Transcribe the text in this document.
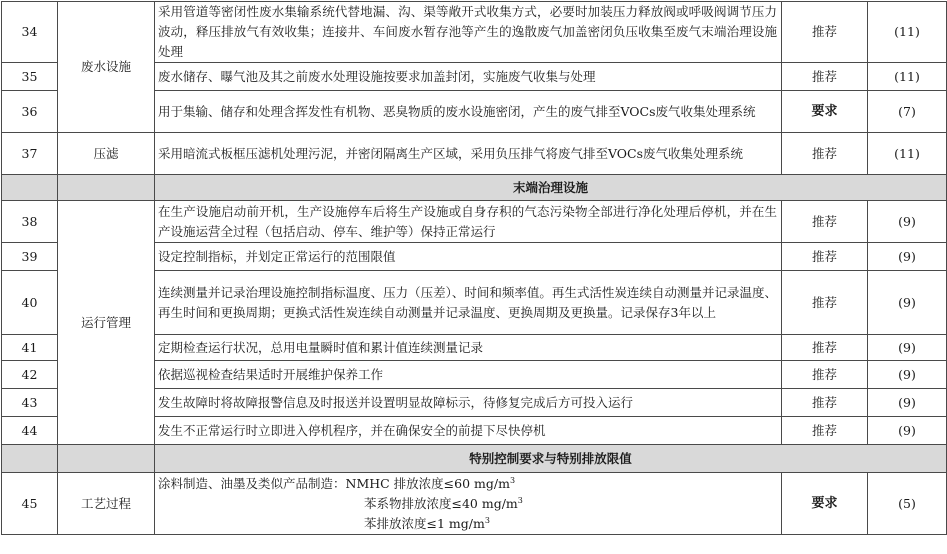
34	废水设施	采用管道等密闭性废水集输系统代替地漏、沟、渠等敞开式收集方式，必要时加装压力释放阀或呼吸阀调节压力波动，释压排放气有效收集；连接井、车间废水暂存池等产生的逸散废气加盖密闭负压收集至废气末端治理设施处理	推荐	(11)
35		废水储存、曝气池及其之前废水处理设施按要求加盖封闭，实施废气收集与处理	推荐	(11)
36		用于集输、储存和处理含挥发性有机物、恶臭物质的废水设施密闭，产生的废气排至VOCs废气收集处理系统	要求	(7)
37	压滤	采用暗流式板框压滤机处理污泥，并密闭隔离生产区域，采用负压排气将废气排至VOCs废气收集处理系统	推荐	(11)
		末端治理设施		
38	运行管理	在生产设施启动前开机，生产设施停车后将生产设施或自身存积的气态污染物全部进行净化处理后停机，并在生产设施运营全过程（包括启动、停车、维护等）保持正常运行	推荐	(9)
39		设定控制指标，并划定正常运行的范围限值	推荐	(9)
40		连续测量并记录治理设施控制指标温度、压力（压差）、时间和频率值。再生式活性炭连续自动测量并记录温度、再生时间和更换周期；更换式活性炭连续自动测量并记录温度、更换周期及更换量。记录保存3年以上	推荐	(9)
41		定期检查运行状况，总用电量瞬时值和累计值连续测量记录	推荐	(9)
42		依据巡视检查结果适时开展维护保养工作	推荐	(9)
43		发生故障时将故障报警信息及时报送并设置明显故障标示，待修复完成后方可投入运行	推荐	(9)
44		发生不正常运行时立即进入停机程序，并在确保安全的前提下尽快停机	推荐	(9)
		特别控制要求与特别排放限值		
45	工艺过程	涂料制造、油墨及类似产品制造：NMHC 排放浓度≤60 $mg/m^3$
苯系物排放浓度≤40 $mg/m^3$
苯排放浓度≤1 $mg/m^3$	要求	(5)
